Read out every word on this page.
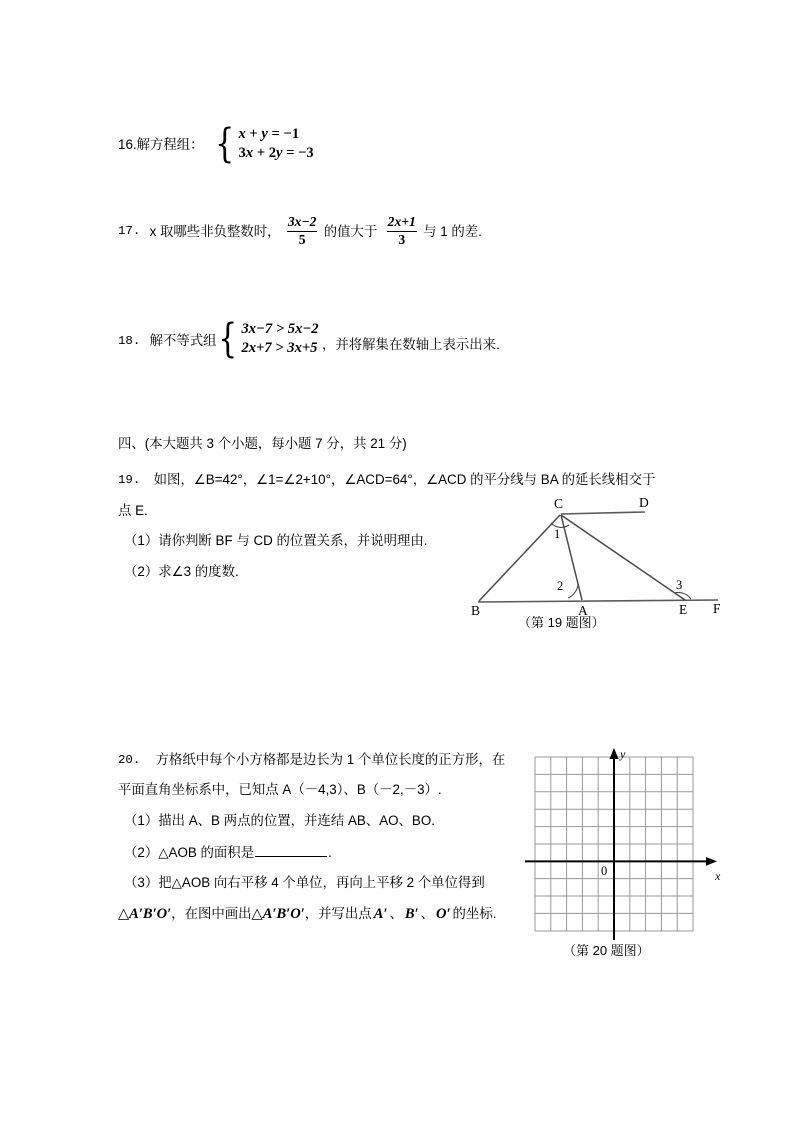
16.解方程组： { x + y = −1
3x + 2y = −3
17. x 取哪些非负整数时， $\frac{3x-2}{5}$ 的值大于 $\frac{2x+1}{3}$ 与 1 的差.
18. 解不等式组 { 3x−7 > 5x−2
2x+7 > 3x+5 ，并将解集在数轴上表示出来.
四、(本大题共 3 个小题，每小题 7 分，共 21 分)
19. 如图，∠B=42°，∠1=∠2+10°，∠ACD=64°，∠ACD 的平分线与 BA 的延长线相交于
点 E.
（1）请你判断 BF 与 CD 的位置关系，并说明理由.
（2）求∠3 的度数.
C	D
B	A	E F
1
2	3
（第 19 题图）
20. 方格纸中每个小方格都是边长为 1 个单位长度的正方形，在
平面直角坐标系中，已知点 A（－4,3）、B（－2,－3）.
（1）描出 A、B 两点的位置，并连结 AB、AO、BO.
（2）△AOB 的面积是	.
（3）把△AOB 向右平移 4 个单位，再向上平移 2 个单位得到
△A′B′O′，在图中画出△A′B′O′，并写出点 A′ 、 B′ 、 O′ 的坐标.
0	x
y
（第 20 题图）
